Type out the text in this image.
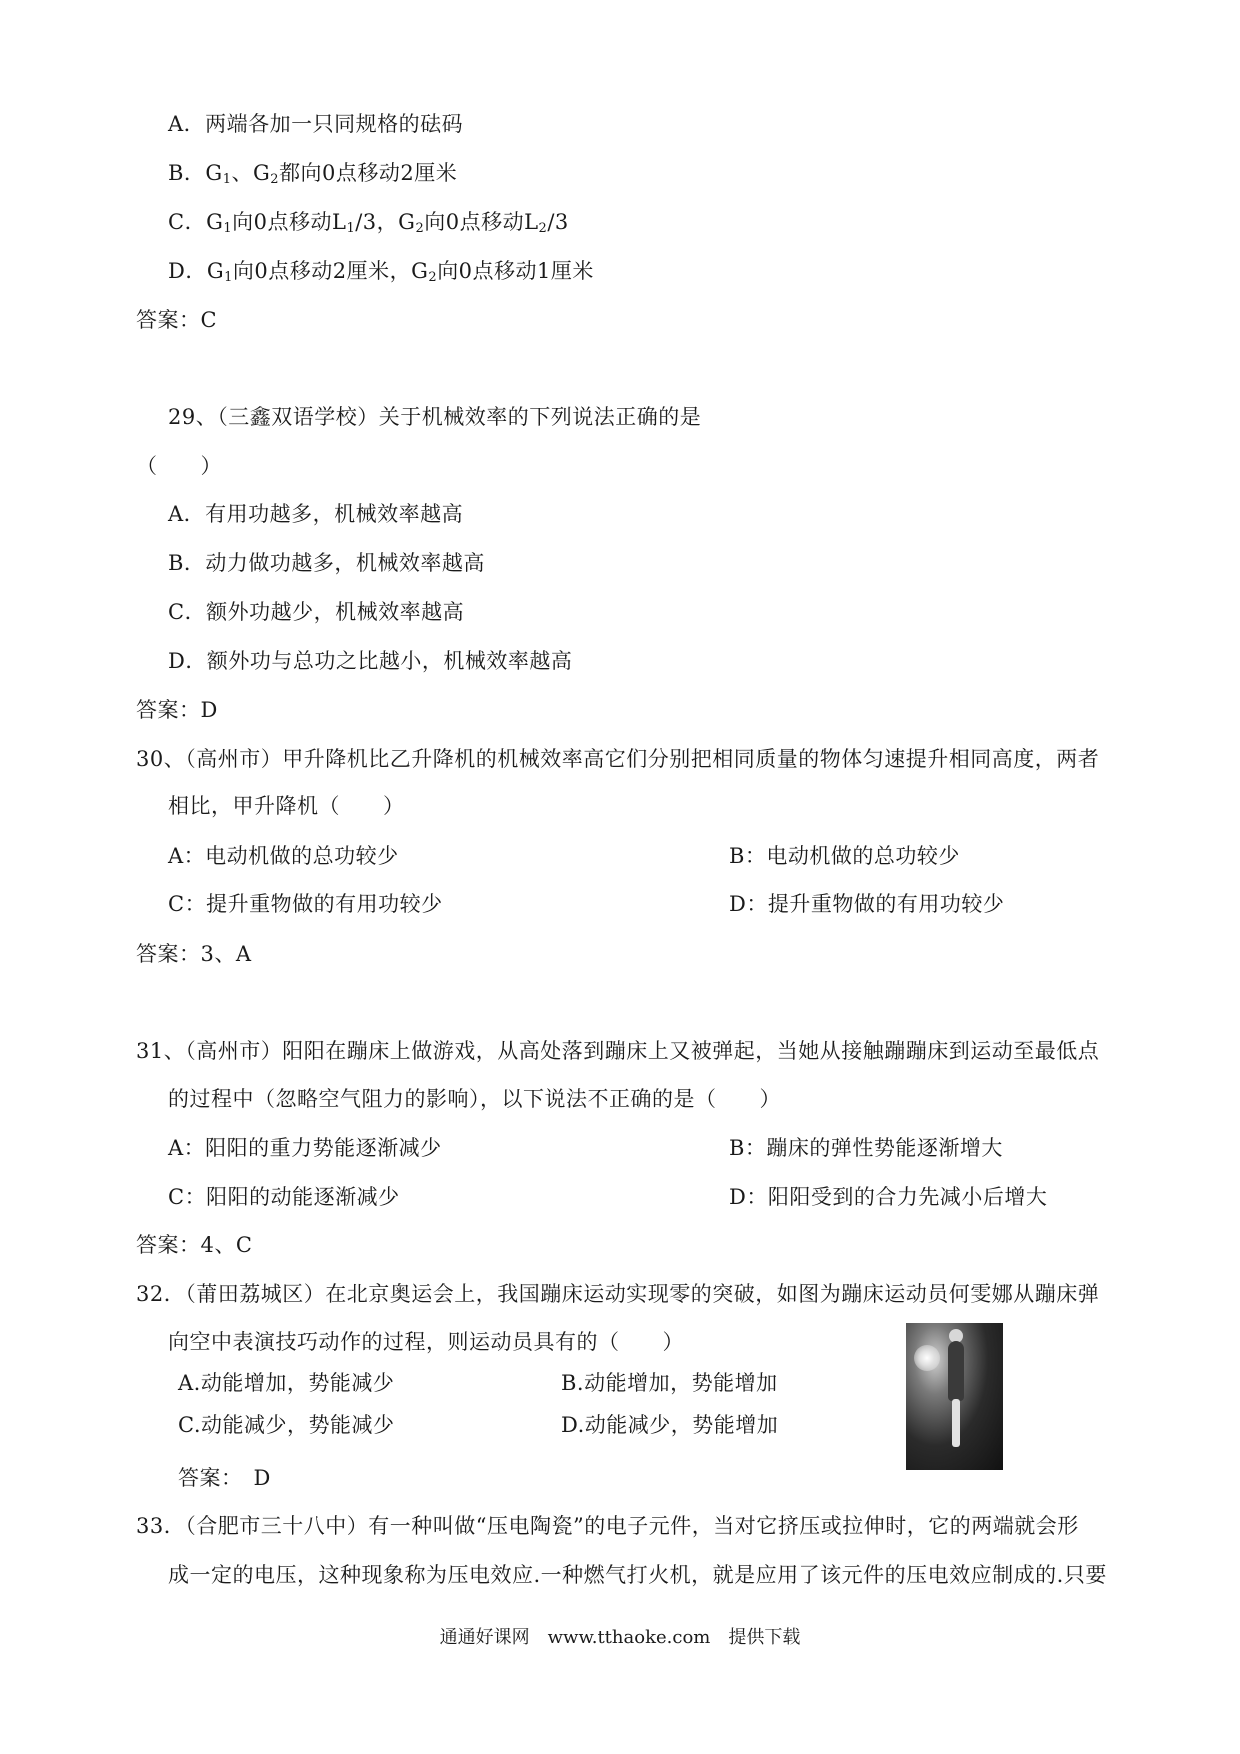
A．两端各加一只同规格的砝码
B．$G_1$、$G_2$都向0点移动2厘米
C．$G_1$向0点移动$L_1/3$，$G_2$向0点移动$L_2/3$
D．$G_1$向0点移动2厘米，$G_2$向0点移动1厘米
答案：C
29、（三鑫双语学校）关于机械效率的下列说法正确的是
（　　）
A．有用功越多，机械效率越高
B．动力做功越多，机械效率越高
C．额外功越少，机械效率越高
D．额外功与总功之比越小，机械效率越高
答案：D
30、（高州市）甲升降机比乙升降机的机械效率高它们分别把相同质量的物体匀速提升相同高度，两者
相比，甲升降机（　　）
A：电动机做的总功较少	B：电动机做的总功较少
C：提升重物做的有用功较少	D：提升重物做的有用功较少
答案：3、A
31、（高州市）阳阳在蹦床上做游戏，从高处落到蹦床上又被弹起，当她从接触蹦蹦床到运动至最低点
的过程中（忽略空气阻力的影响），以下说法不正确的是（　　）
A：阳阳的重力势能逐渐减少	B：蹦床的弹性势能逐渐增大
C：阳阳的动能逐渐减少	D：阳阳受到的合力先减小后增大
答案：4、C
32．（莆田荔城区）在北京奥运会上，我国蹦床运动实现零的突破，如图为蹦床运动员何雯娜从蹦床弹
向空中表演技巧动作的过程，则运动员具有的（　　）
A.动能增加，势能减少	B.动能增加，势能增加
C.动能减少，势能减少	D.动能减少，势能增加
答案：　D
33．（合肥市三十八中）有一种叫做“压电陶瓷”的电子元件，当对它挤压或拉伸时，它的两端就会形
成一定的电压，这种现象称为压电效应.一种燃气打火机，就是应用了该元件的压电效应制成的.只要
通通好课网　www.tthaoke.com　提供下载
